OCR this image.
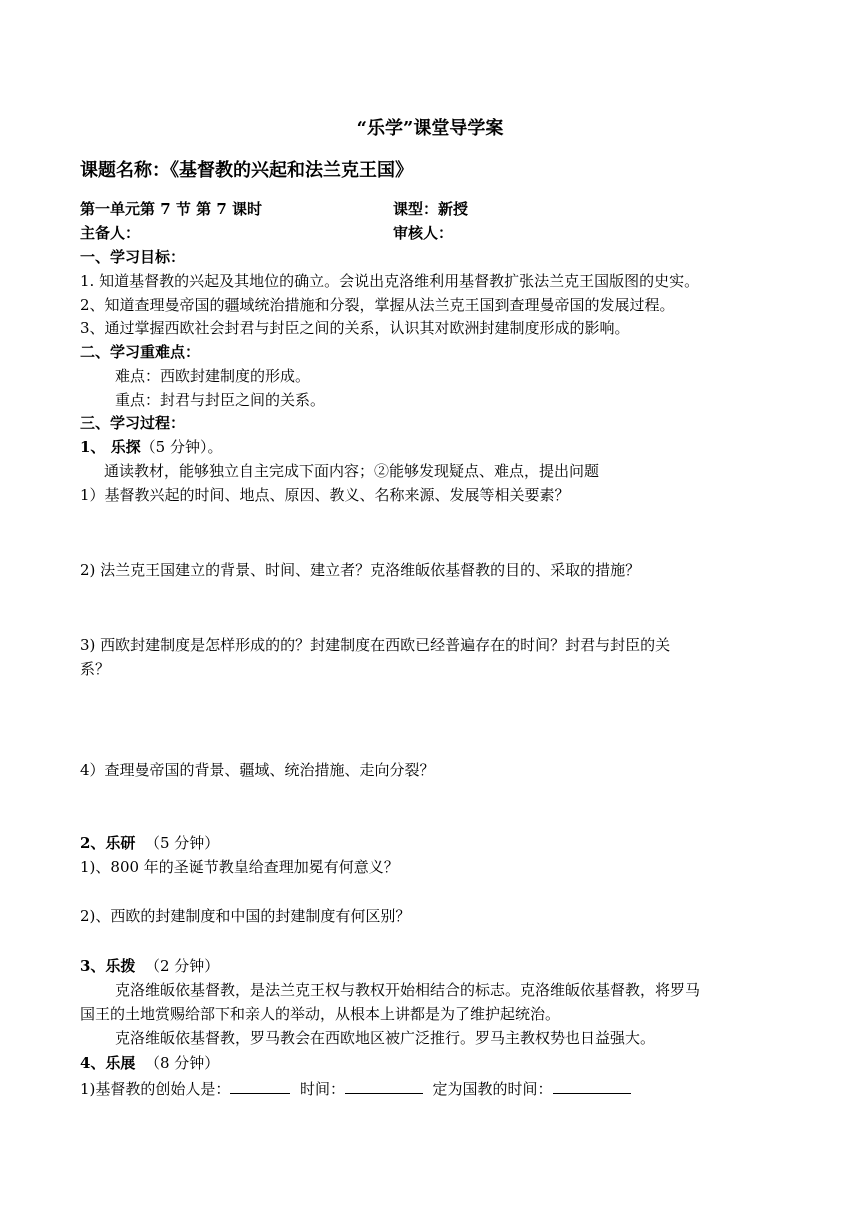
“乐学”课堂导学案
课题名称：《基督教的兴起和法兰克王国》
第一单元第 7 节 第 7 课时	课型：新授
主备人：	审核人：
一、学习目标：
1. 知道基督教的兴起及其地位的确立。会说出克洛维利用基督教扩张法兰克王国版图的史实。
2、知道查理曼帝国的疆域统治措施和分裂，掌握从法兰克王国到查理曼帝国的发展过程。
3、通过掌握西欧社会封君与封臣之间的关系，认识其对欧洲封建制度形成的影响。
二、学习重难点：
难点：西欧封建制度的形成。
重点：封君与封臣之间的关系。
三、学习过程：
1、 乐探（5 分钟）。
通读教材，能够独立自主完成下面内容；②能够发现疑点、难点，提出问题
1）基督教兴起的时间、地点、原因、教义、名称来源、发展等相关要素？
2) 法兰克王国建立的背景、时间、建立者？克洛维皈依基督教的目的、采取的措施？
3) 西欧封建制度是怎样形成的的？封建制度在西欧已经普遍存在的时间？封君与封臣的关
系？
4）查理曼帝国的背景、疆域、统治措施、走向分裂？
2、乐研 （5 分钟）
1)、800 年的圣诞节教皇给查理加冕有何意义？
2)、西欧的封建制度和中国的封建制度有何区别？
3、乐拨 （2 分钟）
克洛维皈依基督教，是法兰克王权与教权开始相结合的标志。克洛维皈依基督教，将罗马
国王的土地赏赐给部下和亲人的举动，从根本上讲都是为了维护起统治。
克洛维皈依基督教，罗马教会在西欧地区被广泛推行。罗马主教权势也日益强大。
4、乐展 （8 分钟）
1)基督教的创始人是：	时间：	定为国教的时间：
